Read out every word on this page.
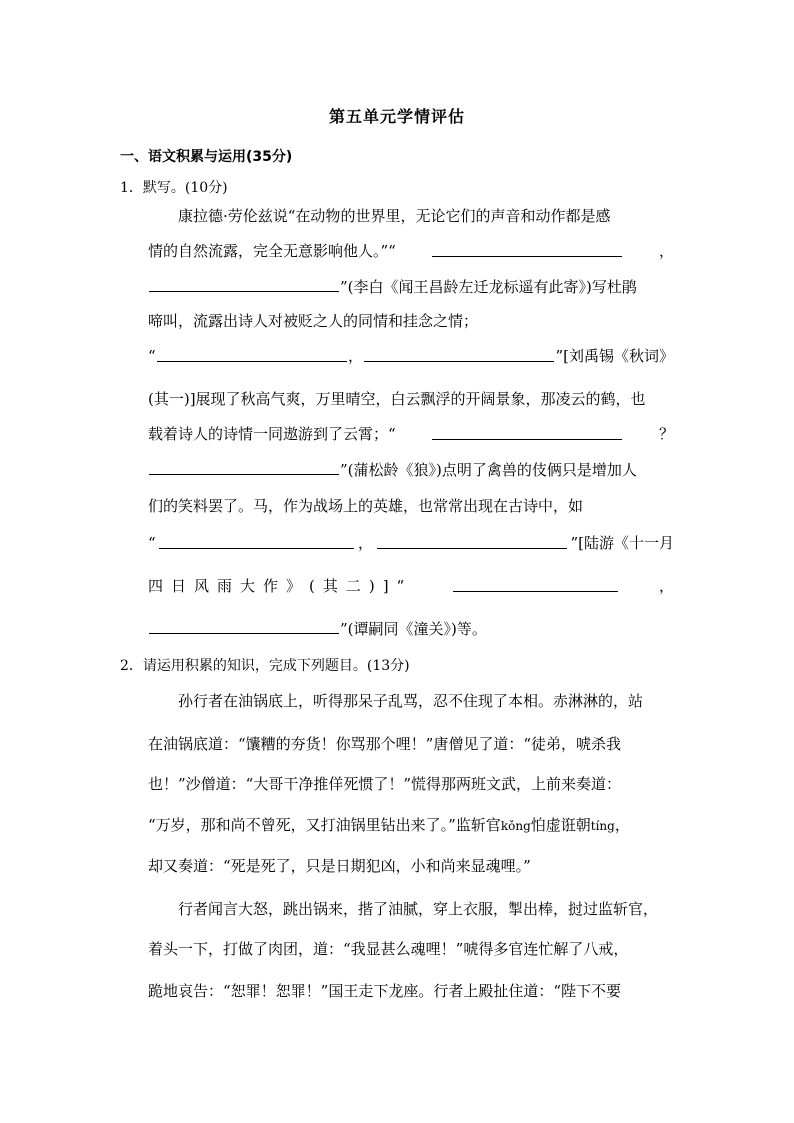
第五单元学情评估
一、语文积累与运用(35分)
1．默写。(10分)
康拉德·劳伦兹说“在动物的世界里，无论它们的声音和动作都是感
情的自然流露，完全无意影响他人。”“	，
”(李白《闻王昌龄左迁龙标遥有此寄》)写杜鹃
啼叫，流露出诗人对被贬之人的同情和挂念之情；
“	，	”[刘禹锡《秋词》
(其一)]展现了秋高气爽，万里晴空，白云飘浮的开阔景象，那凌云的鹤，也
载着诗人的诗情一同遨游到了云霄；“	？
”(蒲松龄《狼》)点明了禽兽的伎俩只是增加人
们的笑料罢了。马，作为战场上的英雄，也常常出现在古诗中，如
“	，	”[陆游《十一月
四日风雨大作》(其二)]“	，
”(谭嗣同《潼关》)等。
2．请运用积累的知识，完成下列题目。(13分)
孙行者在油锅底上，听得那呆子乱骂，忍不住现了本相。赤淋淋的，站
在油锅底道：“馕糟的夯货！你骂那个哩！”唐僧见了道：“徒弟，唬杀我
也！”沙僧道：“大哥干净推佯死惯了！”慌得那两班文武，上前来奏道：
“万岁，那和尚不曾死，又打油锅里钻出来了。”监斩官kǒng怕虚诳朝tíng，
却又奏道：“死是死了，只是日期犯凶，小和尚来显魂哩。”
行者闻言大怒，跳出锅来，揩了油腻，穿上衣服，掣出棒，挝过监斩官，
着头一下，打做了肉团，道：“我显甚么魂哩！”唬得多官连忙解了八戒，
跪地哀告：“恕罪！恕罪！”国王走下龙座。行者上殿扯住道：“陛下不要
